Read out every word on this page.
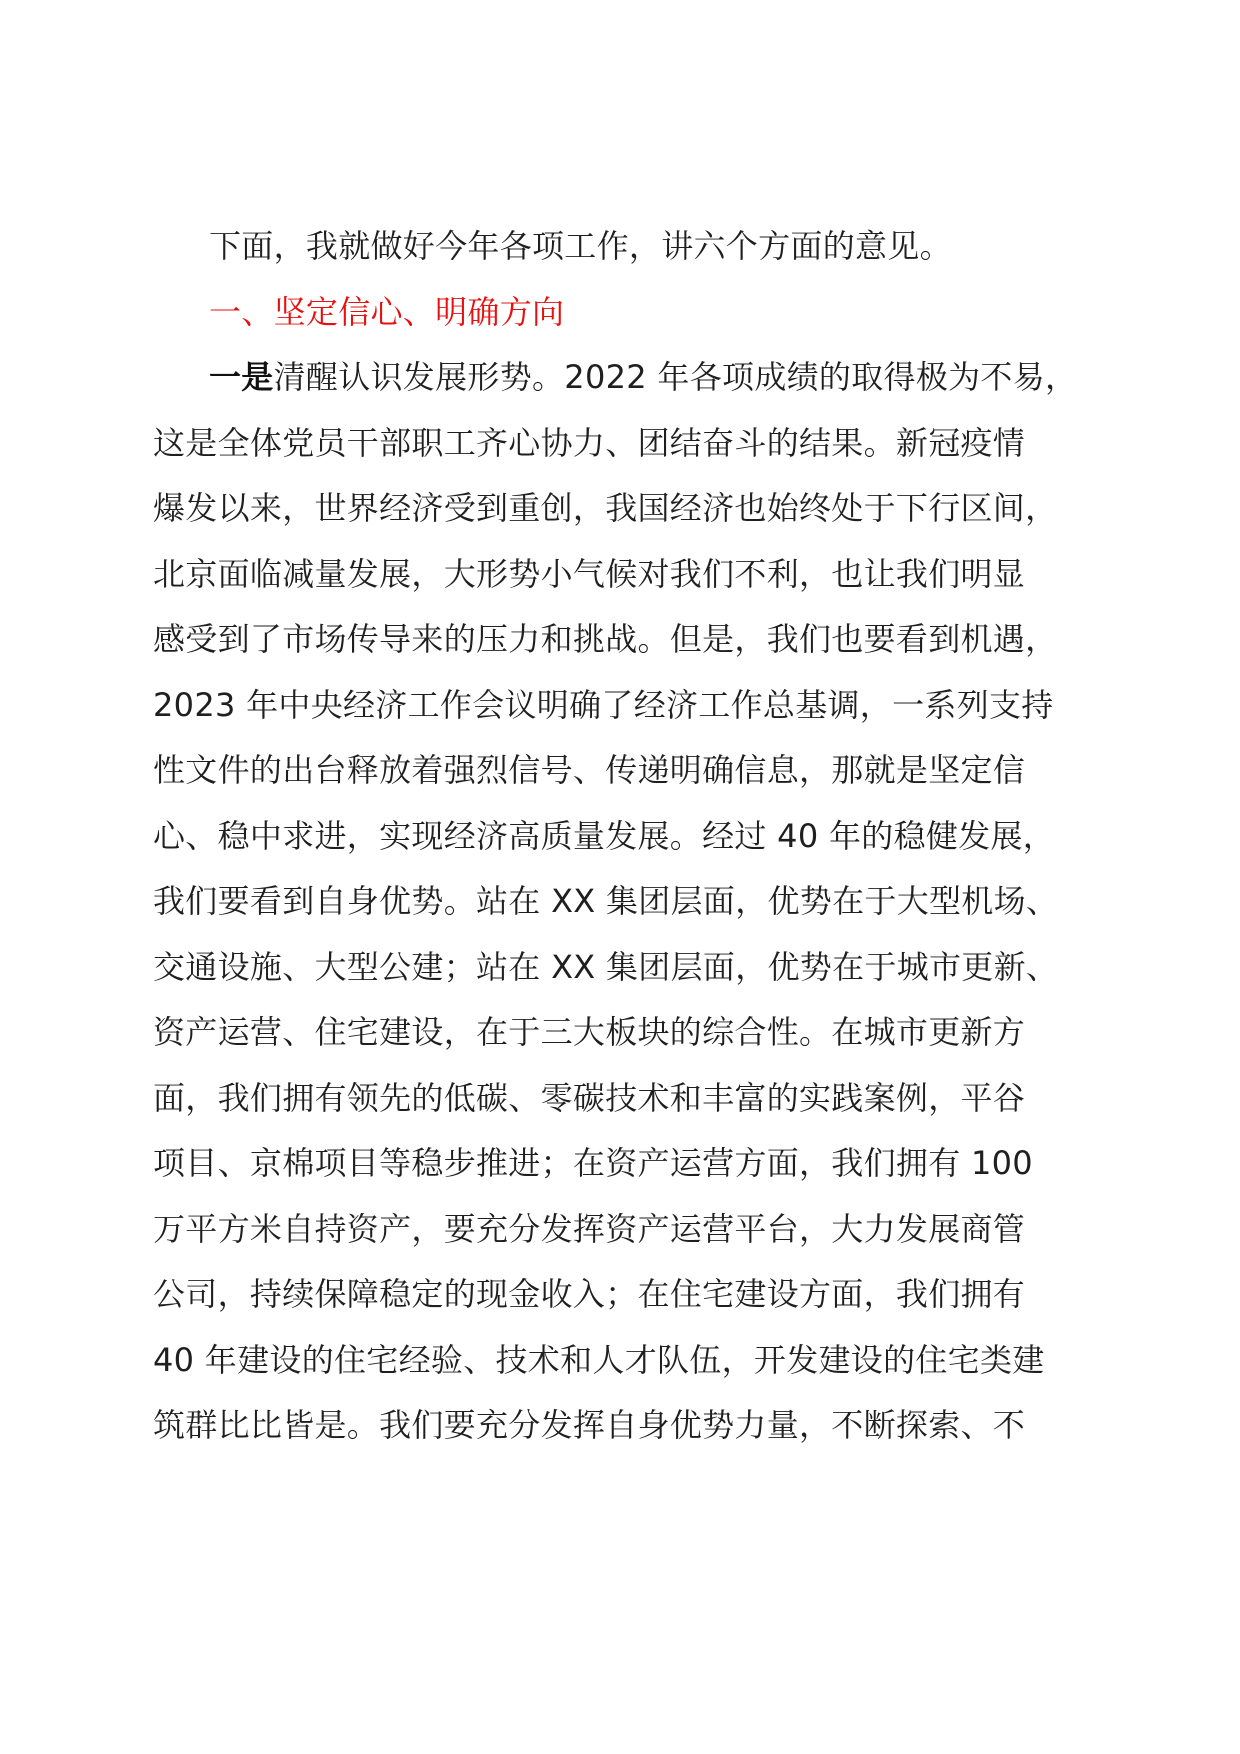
下面，我就做好今年各项工作，讲六个方面的意见。
一、坚定信心、明确方向
一是清醒认识发展形势。2022 年各项成绩的取得极为不易，
这是全体党员干部职工齐心协力、团结奋斗的结果。新冠疫情
爆发以来，世界经济受到重创，我国经济也始终处于下行区间，
北京面临减量发展，大形势小气候对我们不利，也让我们明显
感受到了市场传导来的压力和挑战。但是，我们也要看到机遇，
2023 年中央经济工作会议明确了经济工作总基调，一系列支持
性文件的出台释放着强烈信号、传递明确信息，那就是坚定信
心、稳中求进，实现经济高质量发展。经过 40 年的稳健发展，
我们要看到自身优势。站在 XX 集团层面，优势在于大型机场、
交通设施、大型公建；站在 XX 集团层面，优势在于城市更新、
资产运营、住宅建设，在于三大板块的综合性。在城市更新方
面，我们拥有领先的低碳、零碳技术和丰富的实践案例，平谷
项目、京棉项目等稳步推进；在资产运营方面，我们拥有 100
万平方米自持资产，要充分发挥资产运营平台，大力发展商管
公司，持续保障稳定的现金收入；在住宅建设方面，我们拥有
40 年建设的住宅经验、技术和人才队伍，开发建设的住宅类建
筑群比比皆是。我们要充分发挥自身优势力量，不断探索、不
